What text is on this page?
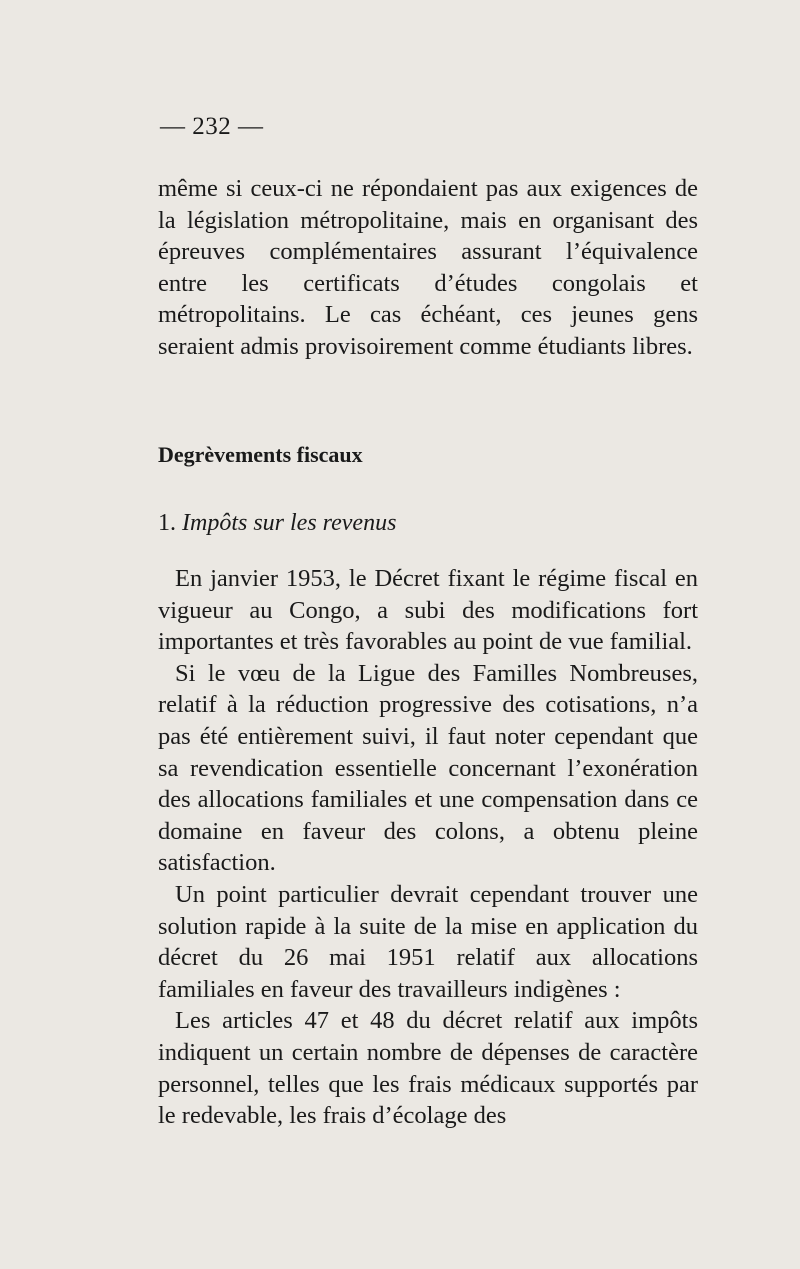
— 232 —

même si ceux-ci ne répondaient pas aux exigences de la législation métropolitaine, mais en organisant des épreuves complémentaires assurant l’équivalence entre les certificats d’études congolais et métropolitains. Le cas échéant, ces jeunes gens seraient admis provisoirement comme étudiants libres.

Degrèvements fiscaux
1. Impôts sur les revenus

En janvier 1953, le Décret fixant le régime fiscal en vigueur au Congo, a subi des modifications fort importantes et très favorables au point de vue familial.

Si le vœu de la Ligue des Familles Nombreuses, relatif à la réduction progressive des cotisations, n’a pas été entièrement suivi, il faut noter cependant que sa revendication essentielle concernant l’exonération des allocations familiales et une compensation dans ce domaine en faveur des colons, a obtenu pleine satisfaction.

Un point particulier devrait cependant trouver une solution rapide à la suite de la mise en application du décret du 26 mai 1951 relatif aux allocations familiales en faveur des travailleurs indigènes :

Les articles 47 et 48 du décret relatif aux impôts indiquent un certain nombre de dépenses de caractère personnel, telles que les frais médicaux supportés par le redevable, les frais d’écolage des
